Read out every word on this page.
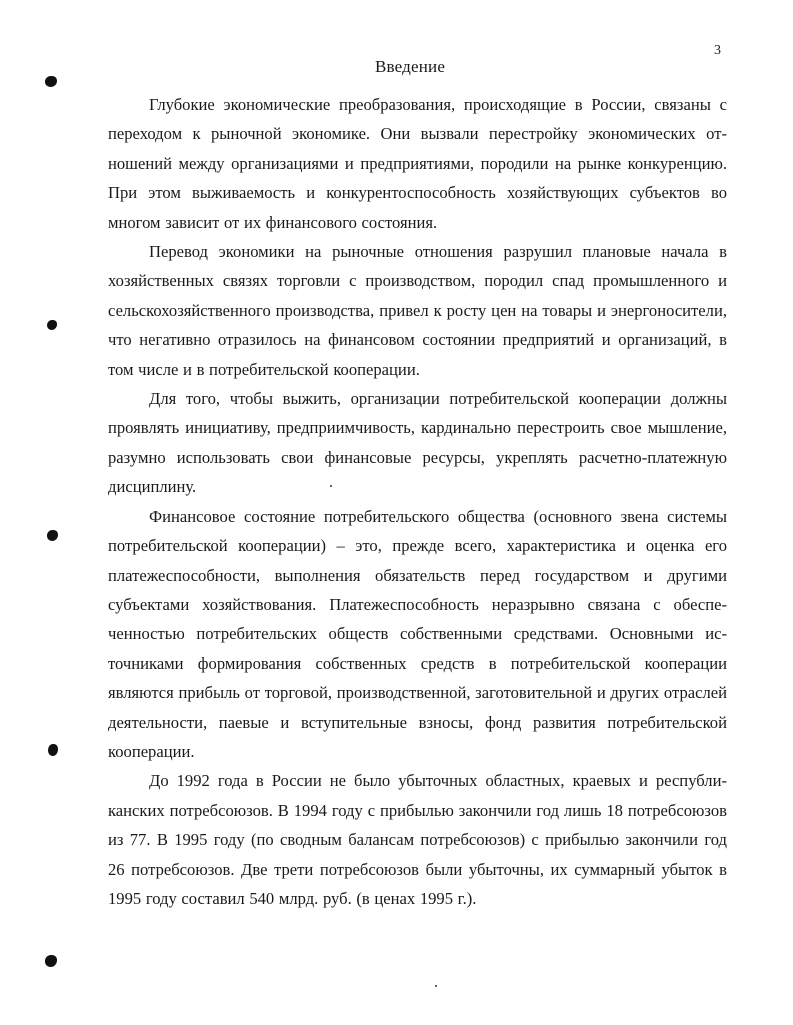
3
Введение

Глубокие экономические преобразования, происходящие в России, связаны с переходом к рыночной экономике. Они вызвали перестройку экономических отношений между организациями и предприятиями, породили на рынке конкуренцию. При этом выживаемость и конкурентоспособность хозяйствующих субъектов во многом зависит от их финансового состояния.

Перевод экономики на рыночные отношения разрушил плановые начала в хозяйственных связях торговли с производством, породил спад промышленного и сельскохозяйственного производства, привел к росту цен на товары и энергоносители, что негативно отразилось на финансовом состоянии предприятий и организаций, в том числе и в потребительской кооперации.

Для того, чтобы выжить, организации потребительской кооперации должны проявлять инициативу, предприимчивость, кардинально перестроить свое мышление, разумно использовать свои финансовые ресурсы, укреплять расчетно-платежную дисциплину.

Финансовое состояние потребительского общества (основного звена системы потребительской кооперации) – это, прежде всего, характеристика и оценка его платежеспособности, выполнения обязательств перед государством и другими субъектами хозяйствования. Платежеспособность неразрывно связана с обеспеченностью потребительских обществ собственными средствами. Основными источниками формирования собственных средств в потребительской кооперации являются прибыль от торговой, производственной, заготовительной и других отраслей деятельности, паевые и вступительные взносы, фонд развития потребительской кооперации.

До 1992 года в России не было убыточных областных, краевых и республиканских потребсоюзов. В 1994 году с прибылью закончили год лишь 18 потребсоюзов из 77. В 1995 году (по сводным балансам потребсоюзов) с прибылью закончили год 26 потребсоюзов. Две трети потребсоюзов были убыточны, их суммарный убыток в 1995 году составил 540 млрд. руб. (в ценах 1995 г.).
